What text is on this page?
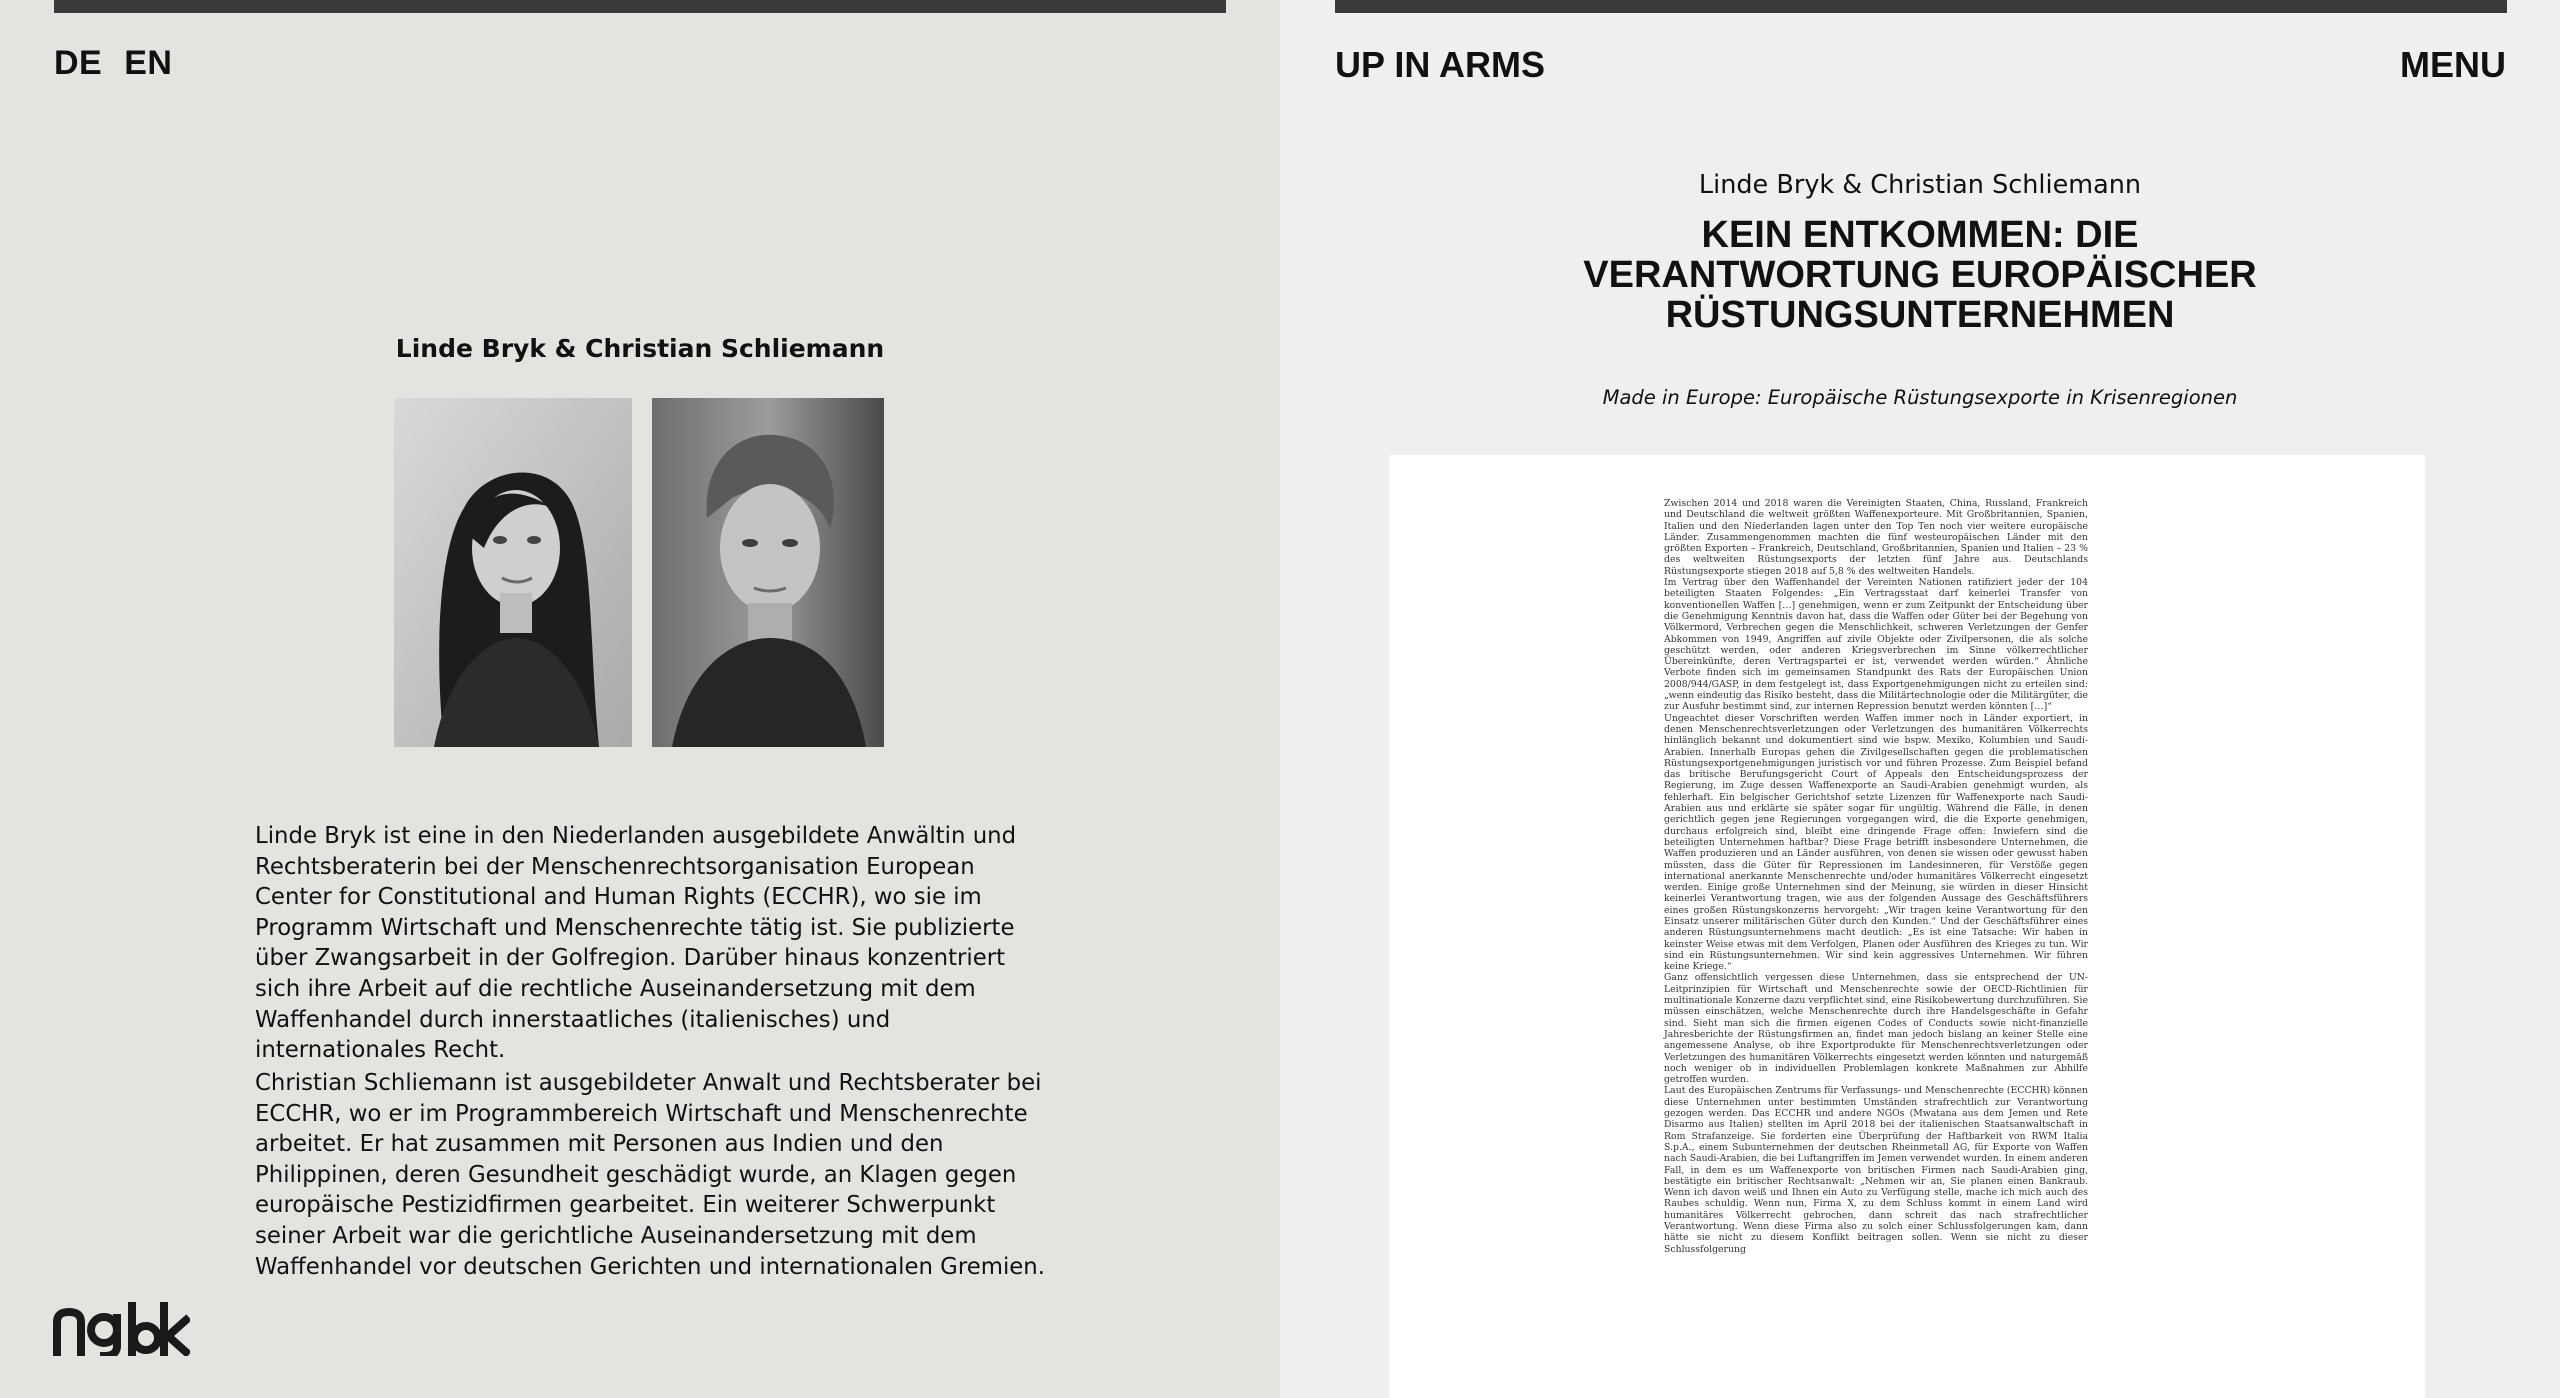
DE EN
Linde Bryk & Christian Schliemann

Linde Bryk ist eine in den Niederlanden ausgebildete Anwältin und Rechtsberaterin bei der Menschenrechtsorganisation European Center for Constitutional and Human Rights (ECCHR), wo sie im Programm Wirtschaft und Menschenrechte tätig ist. Sie publizierte über Zwangsarbeit in der Golfregion. Darüber hinaus konzentriert sich ihre Arbeit auf die rechtliche Auseinandersetzung mit dem Waffenhandel durch innerstaatliches (italienisches) und internationales Recht.

Christian Schliemann ist ausgebildeter Anwalt und Rechtsberater bei ECCHR, wo er im Programmbereich Wirtschaft und Menschenrechte arbeitet. Er hat zusammen mit Personen aus Indien und den Philippinen, deren Gesundheit geschädigt wurde, an Klagen gegen europäische Pestizidfirmen gearbeitet. Ein weiterer Schwerpunkt seiner Arbeit war die gerichtliche Auseinandersetzung mit dem Waffenhandel vor deutschen Gerichten und internationalen Gremien.

UP IN ARMS	MENU
Linde Bryk & Christian Schliemann
KEIN ENTKOMMEN: DIE VERANTWORTUNG EUROPÄISCHER RÜSTUNGSUNTERNEHMEN
Made in Europe: Europäische Rüstungsexporte in Krisenregionen

Zwischen 2014 und 2018 waren die Vereinigten Staaten, China, Russland, Frankreich und Deutschland die weltweit größten Waffenexporteure. Mit Großbritannien, Spanien, Italien und den Niederlanden lagen unter den Top Ten noch vier weitere europäische Länder. Zusammengenommen machten die fünf westeuropäischen Länder mit den größten Exporten – Frankreich, Deutschland, Großbritannien, Spanien und Italien – 23 % des weltweiten Rüstungsexports der letzten fünf Jahre aus. Deutschlands Rüstungsexporte stiegen 2018 auf 5,8 % des weltweiten Handels.

Im Vertrag über den Waffenhandel der Vereinten Nationen ratifiziert jeder der 104 beteiligten Staaten Folgendes: „Ein Vertragsstaat darf keinerlei Transfer von konventionellen Waffen […] genehmigen, wenn er zum Zeitpunkt der Entscheidung über die Genehmigung Kenntnis davon hat, dass die Waffen oder Güter bei der Begehung von Völkermord, Verbrechen gegen die Menschlichkeit, schweren Verletzungen der Genfer Abkommen von 1949, Angriffen auf zivile Objekte oder Zivilpersonen, die als solche geschützt werden, oder anderen Kriegsverbrechen im Sinne völkerrechtlicher Übereinkünfte, deren Vertragspartei er ist, verwendet werden würden.“ Ähnliche Verbote finden sich im gemeinsamen Standpunkt des Rats der Europäischen Union 2008/944/GASP, in dem festgelegt ist, dass Exportgenehmigungen nicht zu erteilen sind: „wenn eindeutig das Risiko besteht, dass die Militärtechnologie oder die Militärgüter, die zur Ausfuhr bestimmt sind, zur internen Repression benutzt werden könnten […]“

Ungeachtet dieser Vorschriften werden Waffen immer noch in Länder exportiert, in denen Menschenrechtsverletzungen oder Verletzungen des humanitären Völkerrechts hinlänglich bekannt und dokumentiert sind wie bspw. Mexiko, Kolumbien und Saudi-Arabien. Innerhalb Europas gehen die Zivilgesellschaften gegen die problematischen Rüstungsexportgenehmigungen juristisch vor und führen Prozesse. Zum Beispiel befand das britische Berufungsgericht Court of Appeals den Entscheidungsprozess der Regierung, im Zuge dessen Waffenexporte an Saudi-Arabien genehmigt wurden, als fehlerhaft. Ein belgischer Gerichtshof setzte Lizenzen für Waffenexporte nach Saudi-Arabien aus und erklärte sie später sogar für ungültig. Während die Fälle, in denen gerichtlich gegen jene Regierungen vorgegangen wird, die die Exporte genehmigen, durchaus erfolgreich sind, bleibt eine dringende Frage offen: Inwiefern sind die beteiligten Unternehmen haftbar? Diese Frage betrifft insbesondere Unternehmen, die Waffen produzieren und an Länder ausführen, von denen sie wissen oder gewusst haben müssten, dass die Güter für Repressionen im Landesinneren, für Verstöße gegen international anerkannte Menschenrechte und/oder humanitäres Völkerrecht eingesetzt werden. Einige große Unternehmen sind der Meinung, sie würden in dieser Hinsicht keinerlei Verantwortung tragen, wie aus der folgenden Aussage des Geschäftsführers eines großen Rüstungskonzerns hervorgeht: „Wir tragen keine Verantwortung für den Einsatz unserer militärischen Güter durch den Kunden.“ Und der Geschäftsführer eines anderen Rüstungsunternehmens macht deutlich: „Es ist eine Tatsache: Wir haben in keinster Weise etwas mit dem Verfolgen, Planen oder Ausführen des Krieges zu tun. Wir sind ein Rüstungsunternehmen. Wir sind kein aggressives Unternehmen. Wir führen keine Kriege.“

Ganz offensichtlich vergessen diese Unternehmen, dass sie entsprechend der UN-Leitprinzipien für Wirtschaft und Menschenrechte sowie der OECD-Richtlinien für multinationale Konzerne dazu verpflichtet sind, eine Risikobewertung durchzuführen. Sie müssen einschätzen, welche Menschenrechte durch ihre Handelsgeschäfte in Gefahr sind. Sieht man sich die firmen eigenen Codes of Conducts sowie nicht-finanzielle Jahresberichte der Rüstungsfirmen an, findet man jedoch bislang an keiner Stelle eine angemessene Analyse, ob ihre Exportprodukte für Menschenrechtsverletzungen oder Verletzungen des humanitären Völkerrechts eingesetzt werden könnten und naturgemäß noch weniger ob in individuellen Problemlagen konkrete Maßnahmen zur Abhilfe getroffen wurden.

Laut des Europäischen Zentrums für Verfassungs- und Menschenrechte (ECCHR) können diese Unternehmen unter bestimmten Umständen strafrechtlich zur Verantwortung gezogen werden. Das ECCHR und andere NGOs (Mwatana aus dem Jemen und Rete Disarmo aus Italien) stellten im April 2018 bei der italienischen Staatsanwaltschaft in Rom Strafanzeige. Sie forderten eine Überprüfung der Haftbarkeit von RWM Italia S.p.A., einem Subunternehmen der deutschen Rheinmetall AG, für Exporte von Waffen nach Saudi-Arabien, die bei Luftangriffen im Jemen verwendet wurden. In einem anderen Fall, in dem es um Waffenexporte von britischen Firmen nach Saudi-Arabien ging, bestätigte ein britischer Rechtsanwalt: „Nehmen wir an, Sie planen einen Bankraub. Wenn ich davon weiß und Ihnen ein Auto zu Verfügung stelle, mache ich mich auch des Raubes schuldig. Wenn nun, Firma X, zu dem Schluss kommt in einem Land wird humanitäres Völkerrecht gebrochen, dann schreit das nach strafrechtlicher Verantwortung. Wenn diese Firma also zu solch einer Schlussfolgerungen kam, dann hätte sie nicht zu diesem Konflikt beitragen sollen. Wenn sie nicht zu dieser Schlussfolgerung
